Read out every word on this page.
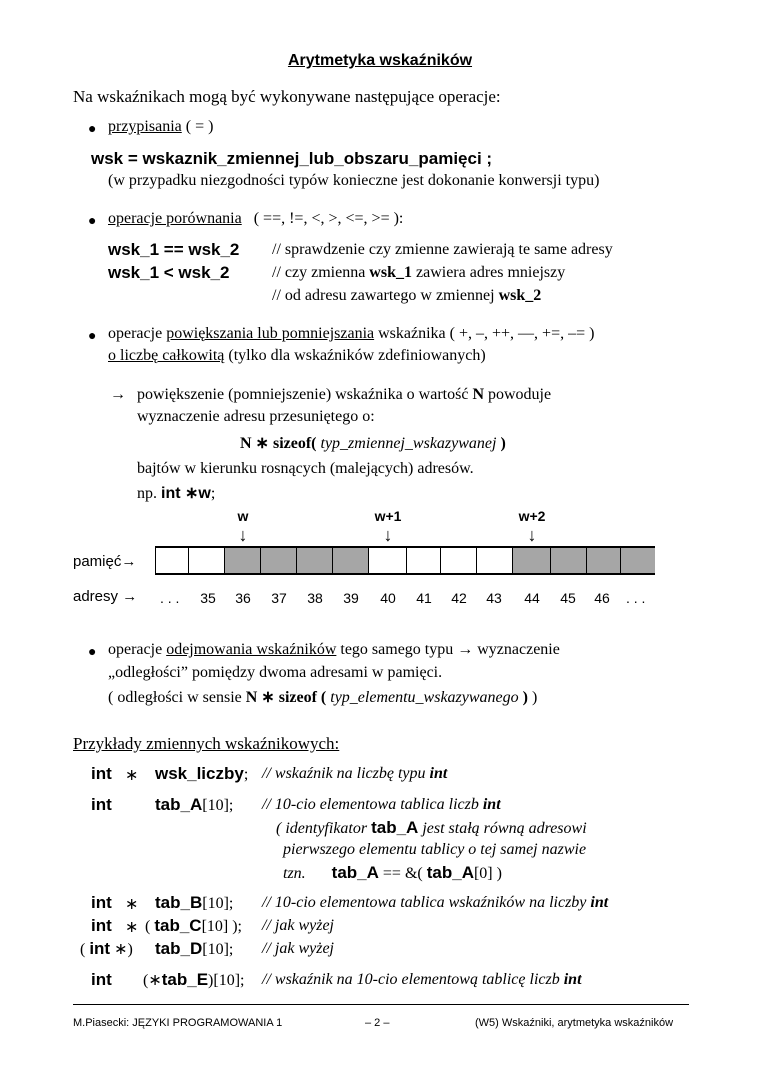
Arytmetyka wskaźników
Na wskaźnikach mogą być wykonywane następujące operacje:
● przypisania ( = )
wsk = wskaznik_zmiennej_lub_obszaru_pamięci ;
(w przypadku niezgodności typów konieczne jest dokonanie konwersji typu)
● operacje porównania ( ==, !=, <, >, <=, >= ):
wsk_1 == wsk_2 // sprawdzenie czy zmienne zawierają te same adresy
wsk_1 < wsk_2	// czy zmienna wsk_1 zawiera adres mniejszy
// od adresu zawartego w zmiennej wsk_2
● operacje powiększania lub pomniejszania wskaźnika ( +, –, ++, —, +=, –= )
o liczbę całkowitą (tylko dla wskaźników zdefiniowanych)
→ powiększenie (pomniejszenie) wskaźnika o wartość N powoduje
wyznaczenie adresu przesuniętego o:
N ∗ sizeof( typ_zmiennej_wskazywanej )
bajtów w kierunku rosnących (malejących) adresów.
np. int ∗w;
w
↓
w+1
↓
w+2
↓
pamięć→
adresy → . . .	35	36	37	38	39	40	41	42	43	44	45	46	. . .
● operacje odejmowania wskaźników tego samego typu → wyznaczenie
„odległości” pomiędzy dwoma adresami w pamięci.
( odległości w sensie N ∗ sizeof ( typ_elementu_wskazywanego ) )
Przykłady zmiennych wskaźnikowych:
int ∗ wsk_liczby; // wskaźnik na liczbę typu int
int	tab_A[10]; // 10-cio elementowa tablica liczb int
( identyfikator tab_A jest stałą równą adresowi
pierwszego elementu tablicy o tej samej nazwie
tzn. tab_A == &( tab_A[0] )
int ∗ tab_B[10]; // 10-cio elementowa tablica wskaźników na liczby int
int ∗ ( tab_C[10] ); // jak wyżej
( int ∗) tab_D[10]; // jak wyżej
int (∗tab_E)[10]; // wskaźnik na 10-cio elementową tablicę liczb int
M.Piasecki: JĘZYKI PROGRAMOWANIA 1	– 2 –	(W5) Wskaźniki, arytmetyka wskaźników
